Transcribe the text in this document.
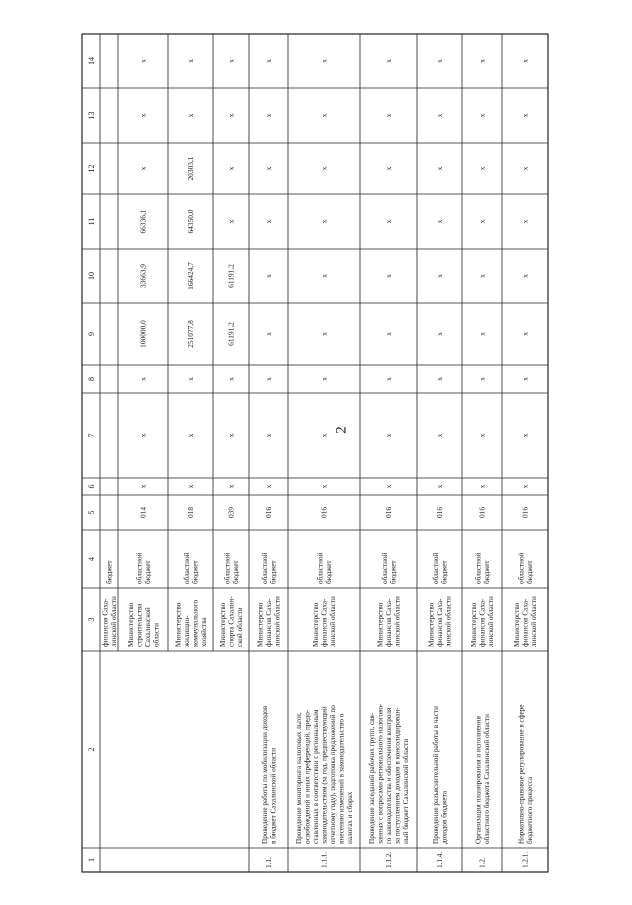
2
1
2
3
4
5
6
7
8
9
10
11
12
13
14
финансов Саха-линской области
бюджет
МинистерствостроительстваСахалинскойобласти
областнойбюджет
014
x
x
x
100000,0
33663,9
66336,1
x
x
x
Министерствожилищно-коммунальногохозяйства
областнойбюджет
018
x
x
x
251077,8
166424,7
64350,0
20303,1
x
x
Министерствоспорта Сахалин-ской области
областнойбюджет
039
x
x
x
61191,2
61191,2
x
x
x
x
1.1.
Проведение работы по мобилизации доходовв бюджет Сахалинской области
Министерствофинансов Саха-линской области
областнойбюджет
016
x
x
x
x
x
x
x
x
x
1.1.1.
Проведение мониторинга налоговых льгот,освобождений и иных преференций, предо-ставленных в соответствии с региональнымзаконодательством (за год, предшествующийотчетному году), подготовка предложений повнесению изменений в законодательство оналогах и сборах
Министерствофинансов Саха-линской области
областнойбюджет
016
x
x
x
x
x
x
x
x
x
1.1.2.
Проведение заседаний рабочих групп, свя-занных с вопросами регионального налогово-го законодательства и обеспечения контроляза поступлением доходов в консолидирован-ный бюджет Сахалинской области
Министерствофинансов Саха-линской области
областнойбюджет
016
x
x
x
x
x
x
x
x
x
1.1.4.
Проведение разъяснительной работы в частидоходов бюджета
Министерствофинансов Саха-линской области
областнойбюджет
016
x
x
x
x
x
x
x
x
x
1.2.
Организация планирования и исполненияобластного бюджета Сахалинской области
Министерствофинансов Саха-линской области
областнойбюджет
016
x
x
x
x
x
x
x
x
x
1.2.1.
Нормативно-правовое регулирование в сферебюджетного процесса
Министерствофинансов Саха-линской области
областнойбюджет
016
x
x
x
x
x
x
x
x
x
